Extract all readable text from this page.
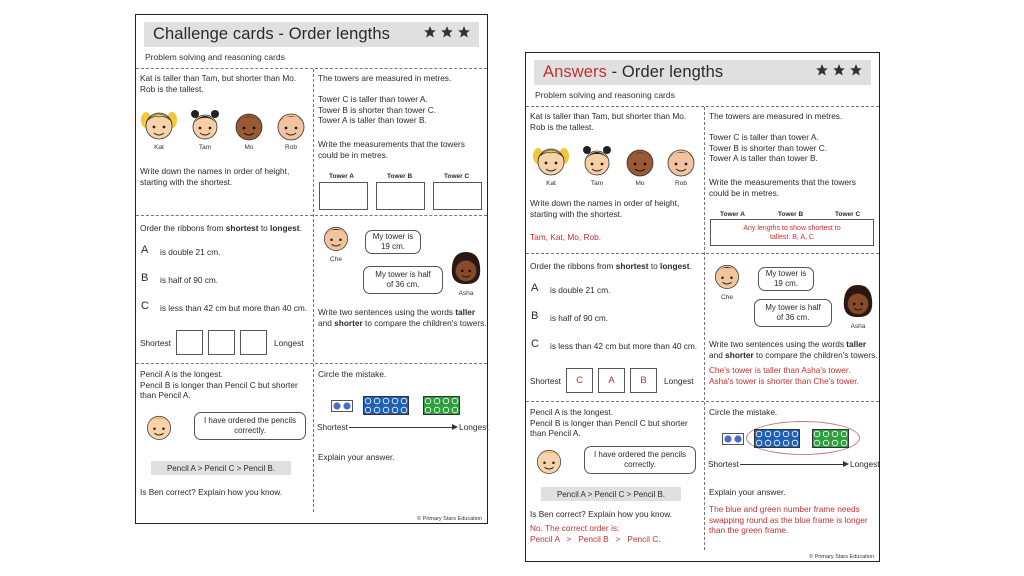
Challenge cards - Order lengths
Problem solving and reasoning cards
Kat is taller than Tam, but shorter than Mo.
Rob is the tallest.
Kat	Tam	Mo	Rob
Write down the names in order of height,
starting with the shortest.
The towers are measured in metres.
Tower C is taller than tower A.
Tower B is shorter than tower C.
Tower A is taller than tower B.
Write the measurements that the towers
could be in metres.
Tower A	Tower B	Tower C
Order the ribbons from shortest to longest.
A is double 21 cm.
B is half of 90 cm.
C is less than 42 cm but more than 40 cm.
Shortest	Longest
Che
My tower is
19 cm.
My tower is half
of 36 cm.
Asha
Write two sentences using the words taller
and shorter to compare the children's towers.
Pencil A is the longest.
Pencil B is longer than Pencil C but shorter
than Pencil A.
I have ordered the pencils
correctly.
Pencil A > Pencil C > Pencil B.
Is Ben correct? Explain how you know.
Circle the mistake.
Shortest	Longest
Explain your answer.
© Primary Stars Education
Answers - Order lengths
Problem solving and reasoning cards
Kat is taller than Tam, but shorter than Mo.
Rob is the tallest.
Kat	Tam	Mo	Rob
Write down the names in order of height,
starting with the shortest.
Tam, Kat, Mo, Rob.
The towers are measured in metres.
Tower C is taller than tower A.
Tower B is shorter than tower C.
Tower A is taller than tower B.
Write the measurements that the towers
could be in metres.
Tower A	Tower B	Tower C
Any lengths to show shortest to
tallest: B, A, C
Order the ribbons from shortest to longest.
A is double 21 cm.
B is half of 90 cm.
C is less than 42 cm but more than 40 cm.
Shortest	C	A	B	Longest
Che
My tower is
19 cm.
My tower is half
of 36 cm.
Asha
Write two sentences using the words taller
and shorter to compare the children's towers.
Che's tower is taller than Asha's tower.
Asha's tower is shorter than Che's tower.
Pencil A is the longest.
Pencil B is longer than Pencil C but shorter
than Pencil A.
I have ordered the pencils
correctly.
Pencil A > Pencil C > Pencil B.
Is Ben correct? Explain how you know.
No. The correct order is:
Pencil A   >   Pencil B   >   Pencil C.
Circle the mistake.
Shortest	Longest
Explain your answer.
The blue and green number frame needs
swapping round as the blue frame is longer
than the green frame.
© Primary Stars Education
